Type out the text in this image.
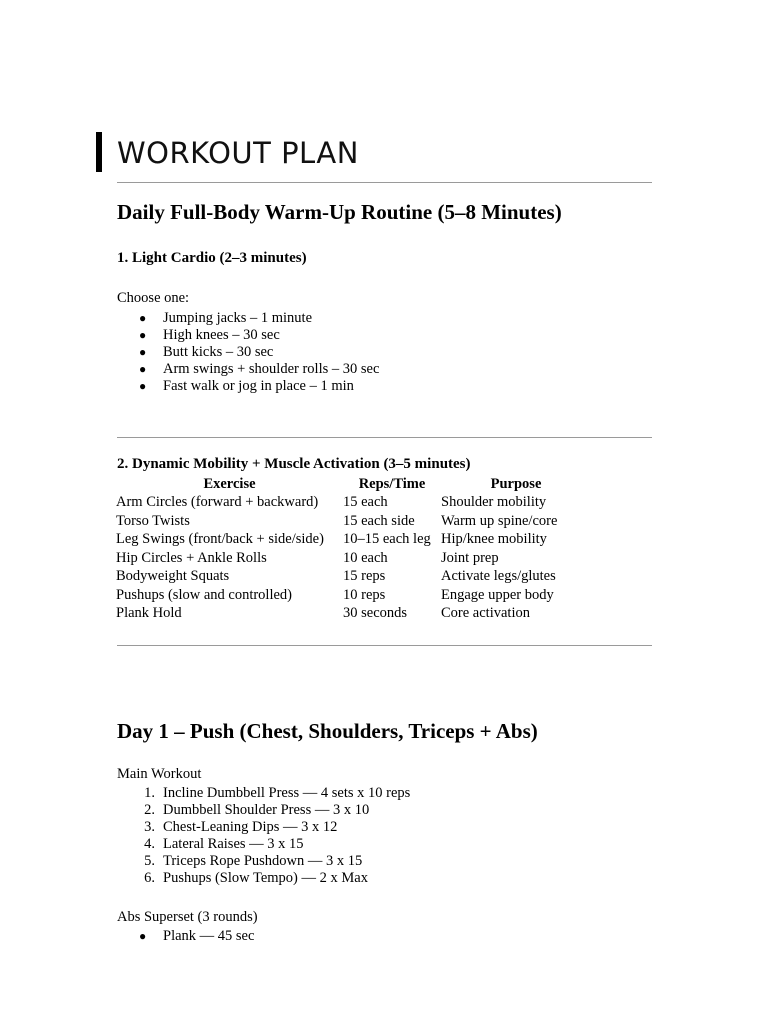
WORKOUT PLAN
Daily Full-Body Warm-Up Routine (5–8 Minutes)
1. Light Cardio (2–3 minutes)

Choose one:

● Jumping jacks – 1 minute
● High knees – 30 sec
● Butt kicks – 30 sec
● Arm swings + shoulder rolls – 30 sec
● Fast walk or jog in place – 1 min
2. Dynamic Mobility + Muscle Activation (3–5 minutes)
Exercise	Reps/Time	Purpose
Arm Circles (forward + backward)	15 each	Shoulder mobility
Torso Twists	15 each side	Warm up spine/core
Leg Swings (front/back + side/side)	10–15 each leg	Hip/knee mobility
Hip Circles + Ankle Rolls	10 each	Joint prep
Bodyweight Squats	15 reps	Activate legs/glutes
Pushups (slow and controlled)	10 reps	Engage upper body
Plank Hold	30 seconds	Core activation
Day 1 – Push (Chest, Shoulders, Triceps + Abs)

Main Workout

1. Incline Dumbbell Press — 4 sets x 10 reps
2. Dumbbell Shoulder Press — 3 x 10
3. Chest-Leaning Dips — 3 x 12
4. Lateral Raises — 3 x 15
5. Triceps Rope Pushdown — 3 x 15
6. Pushups (Slow Tempo) — 2 x Max

Abs Superset (3 rounds)

● Plank — 45 sec
